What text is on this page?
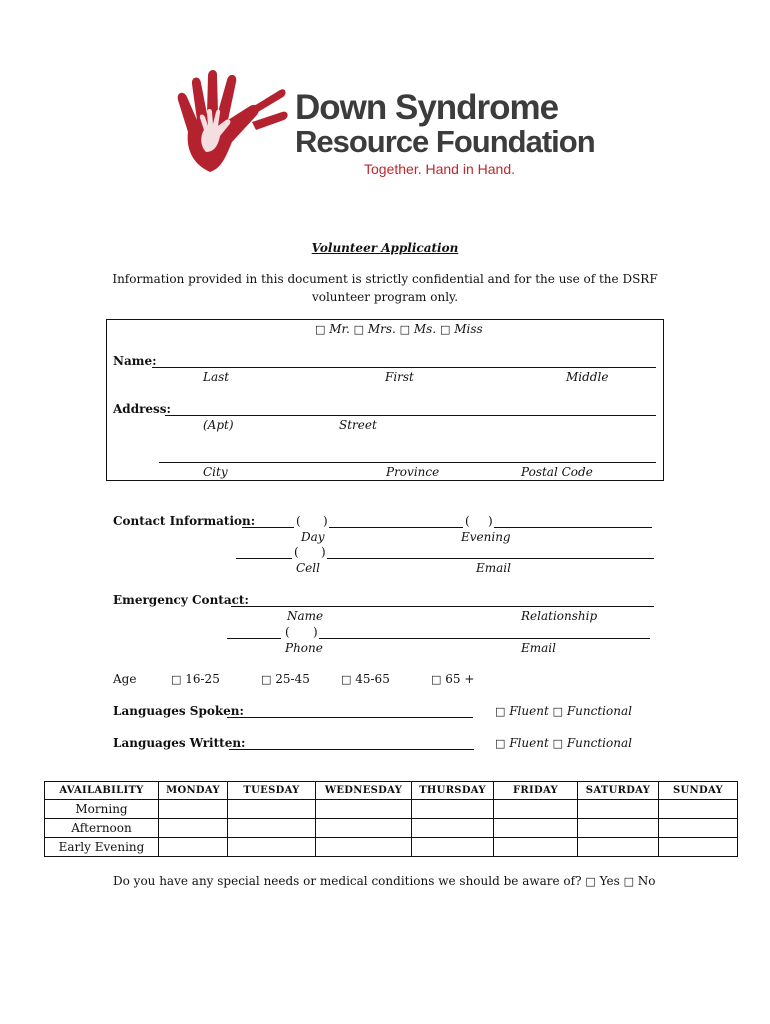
Down Syndrome
Resource Foundation
Together. Hand in Hand.
Volunteer Application
Information provided in this document is strictly confidential and for the use of the DSRF
volunteer program only.
□ Mr. □ Mrs. □ Ms. □ Miss
Name:
Last	First	Middle
Address:
(Apt)	Street
City	Province	Postal Code
Contact Information:	( )	( )
Day	Evening
( )
Cell	Email
Emergency Contact:
Name	Relationship
( )
Phone	Email
Age	□ 16-25	□ 25-45	□ 45-65	□ 65 +
Languages Spoken:	□ Fluent □ Functional
Languages Written:	□ Fluent □ Functional
AVAILABILITY	MONDAY	TUESDAY	WEDNESDAY	THURSDAY	FRIDAY	SATURDAY	SUNDAY
Morning							
Afternoon							
Early Evening							
Do you have any special needs or medical conditions we should be aware of? □ Yes □ No
